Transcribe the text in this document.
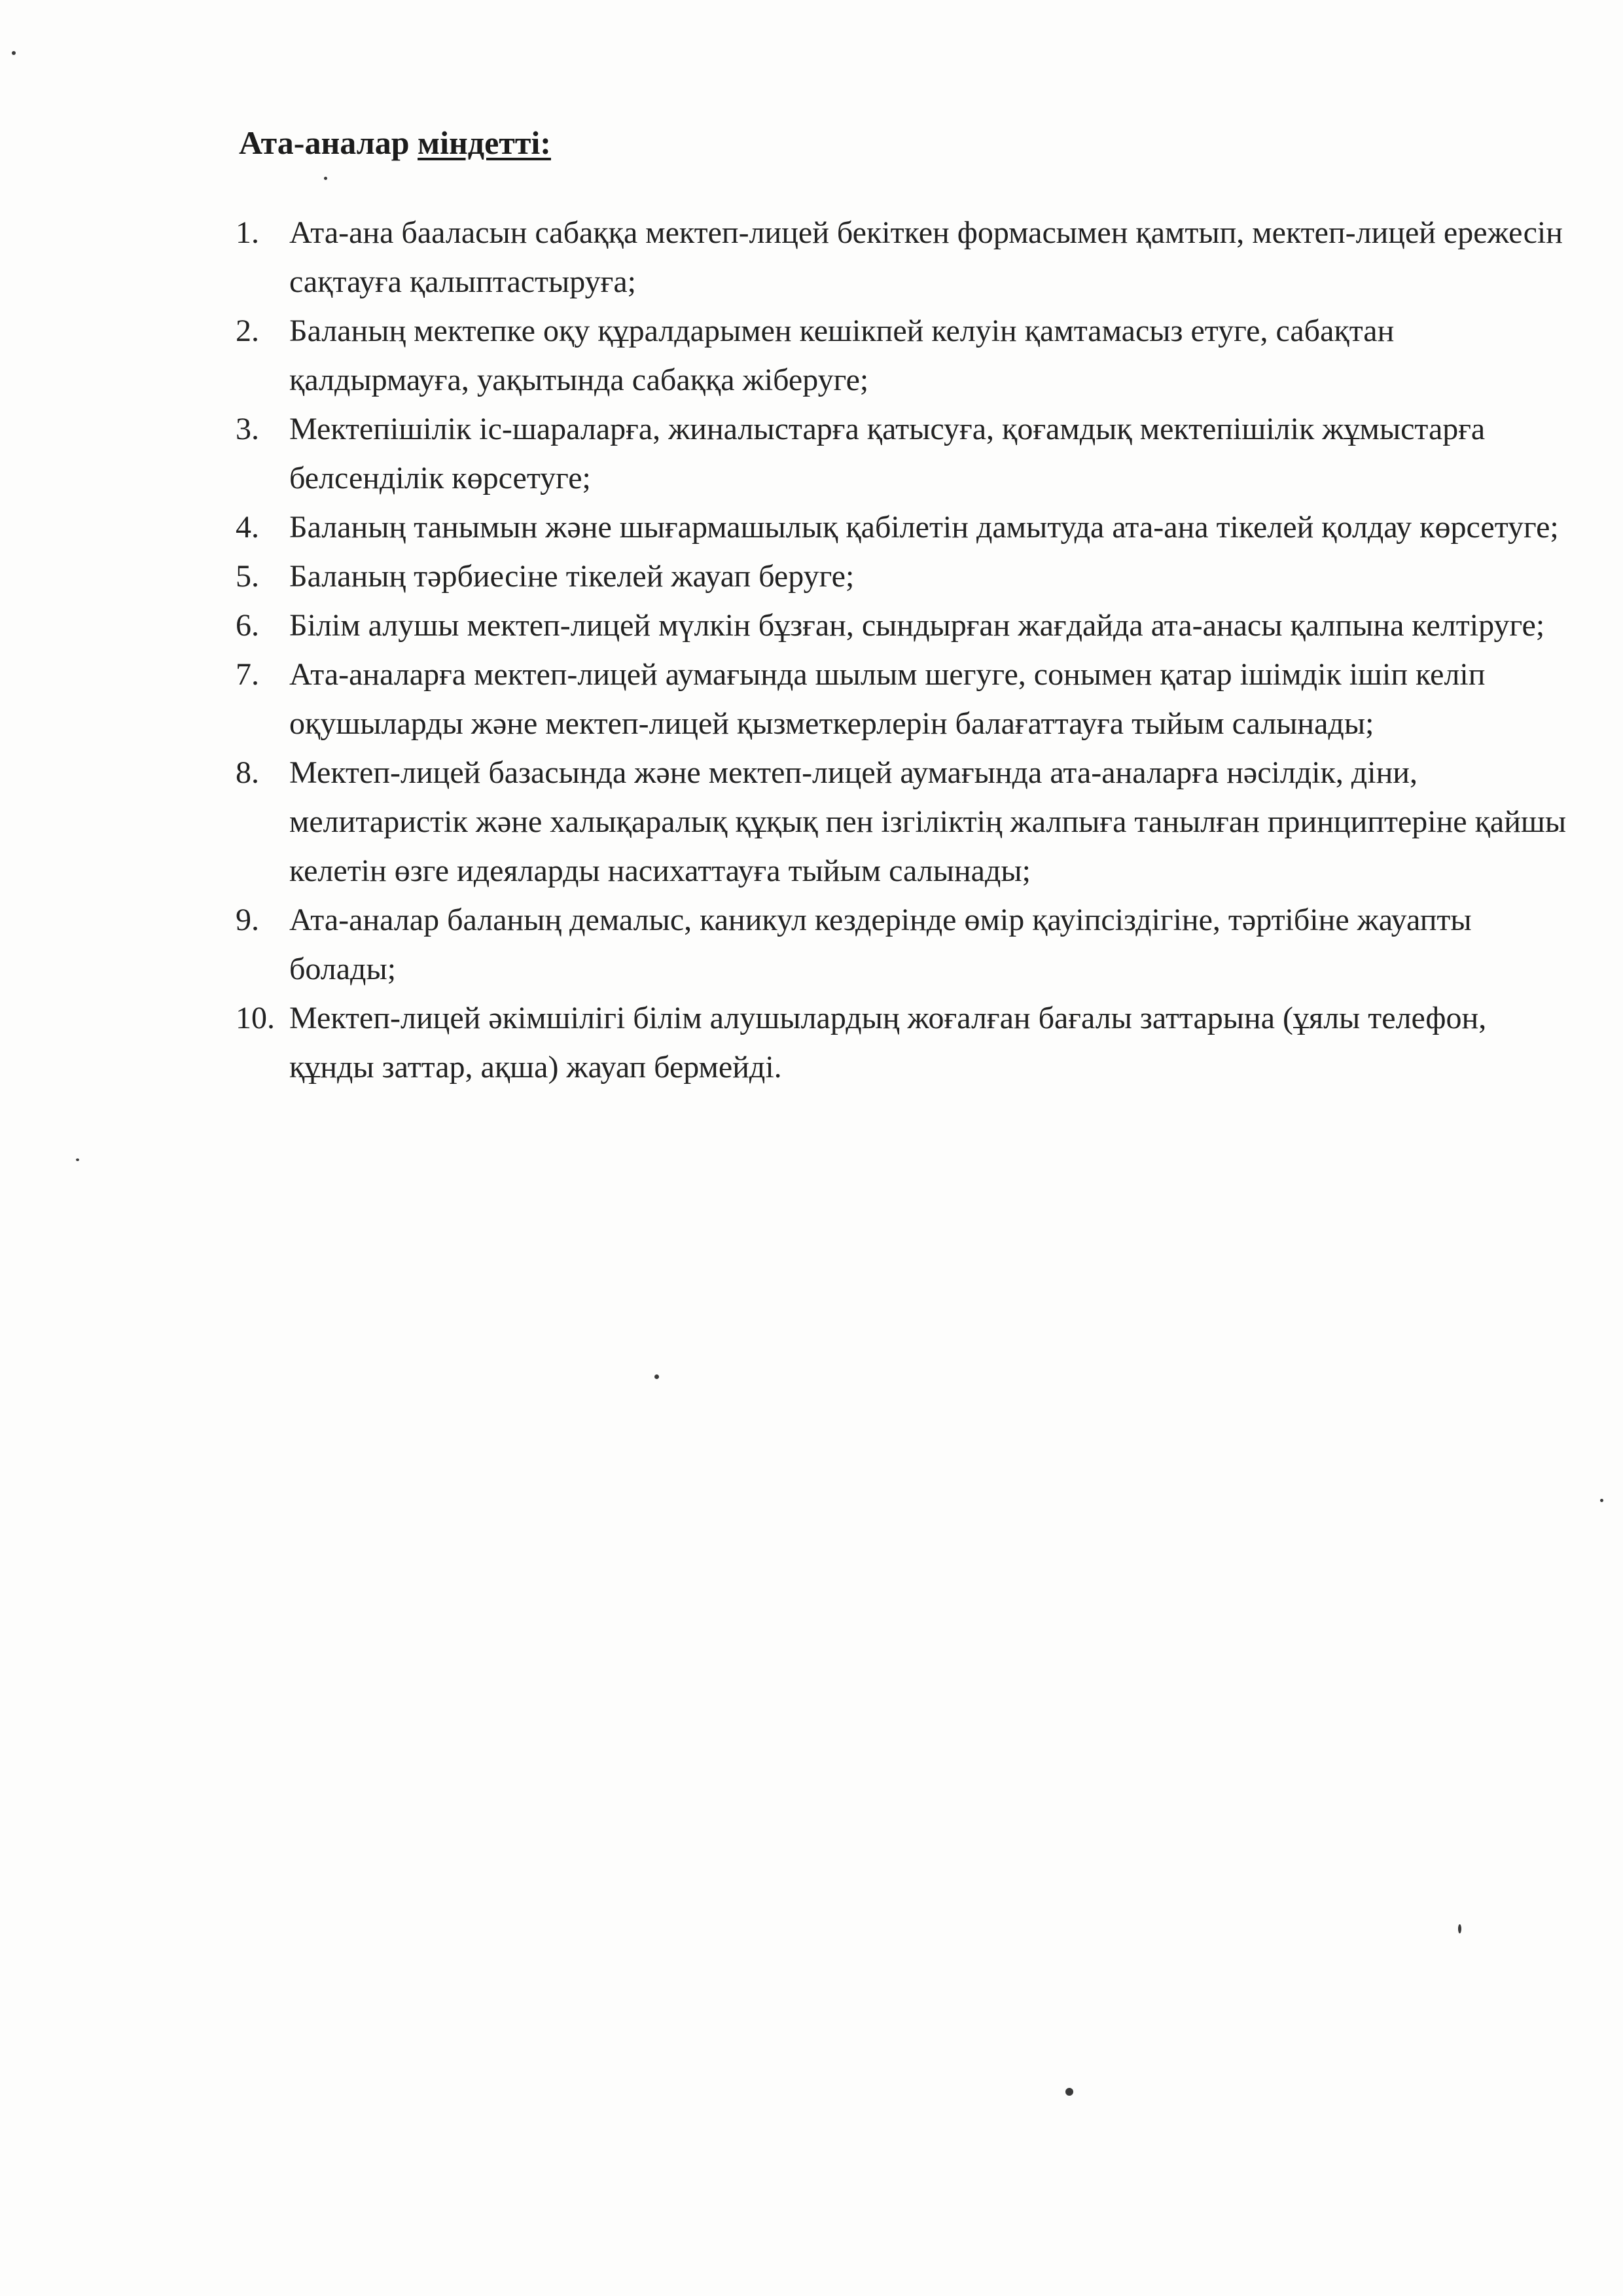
Ата-аналар міндетті:
1. Ата-ана бааласын сабаққа мектеп-лицей бекіткен формасымен қамтып, мектеп-лицей ережесін сақтауға қалыптастыруға;
2. Баланың мектепке оқу құралдарымен кешікпей келуін қамтамасыз етуге, сабақтан қалдырмауға, уақытында сабаққа жіберуге;
3. Мектепішілік іс-шараларға, жиналыстарға қатысуға, қоғамдық мектепішілік жұмыстарға белсенділік көрсетуге;
4. Баланың танымын және шығармашылық қабілетін дамытуда ата-ана тікелей қолдау көрсетуге;
5. Баланың тәрбиесіне тікелей жауап беруге;
6. Білім алушы мектеп-лицей мүлкін бұзған, сындырған жағдайда ата-анасы қалпына келтіруге;
7. Ата-аналарға мектеп-лицей аумағында шылым шегуге, сонымен қатар ішімдік ішіп келіп оқушыларды және мектеп-лицей қызметкерлерін балағаттауға тыйым салынады;
8. Мектеп-лицей базасында және мектеп-лицей аумағында ата-аналарға нәсілдік, діни, мелитаристік және халықаралық құқық пен ізгіліктің жалпыға танылған принциптеріне қайшы келетін өзге идеяларды насихаттауға тыйым салынады;
9. Ата-аналар баланың демалыс, каникул кездерінде өмір қауіпсіздігіне, тәртібіне жауапты болады;
10. Мектеп-лицей әкімшілігі білім алушылардың жоғалған бағалы заттарына (ұялы телефон, құнды заттар, ақша) жауап бермейді.
